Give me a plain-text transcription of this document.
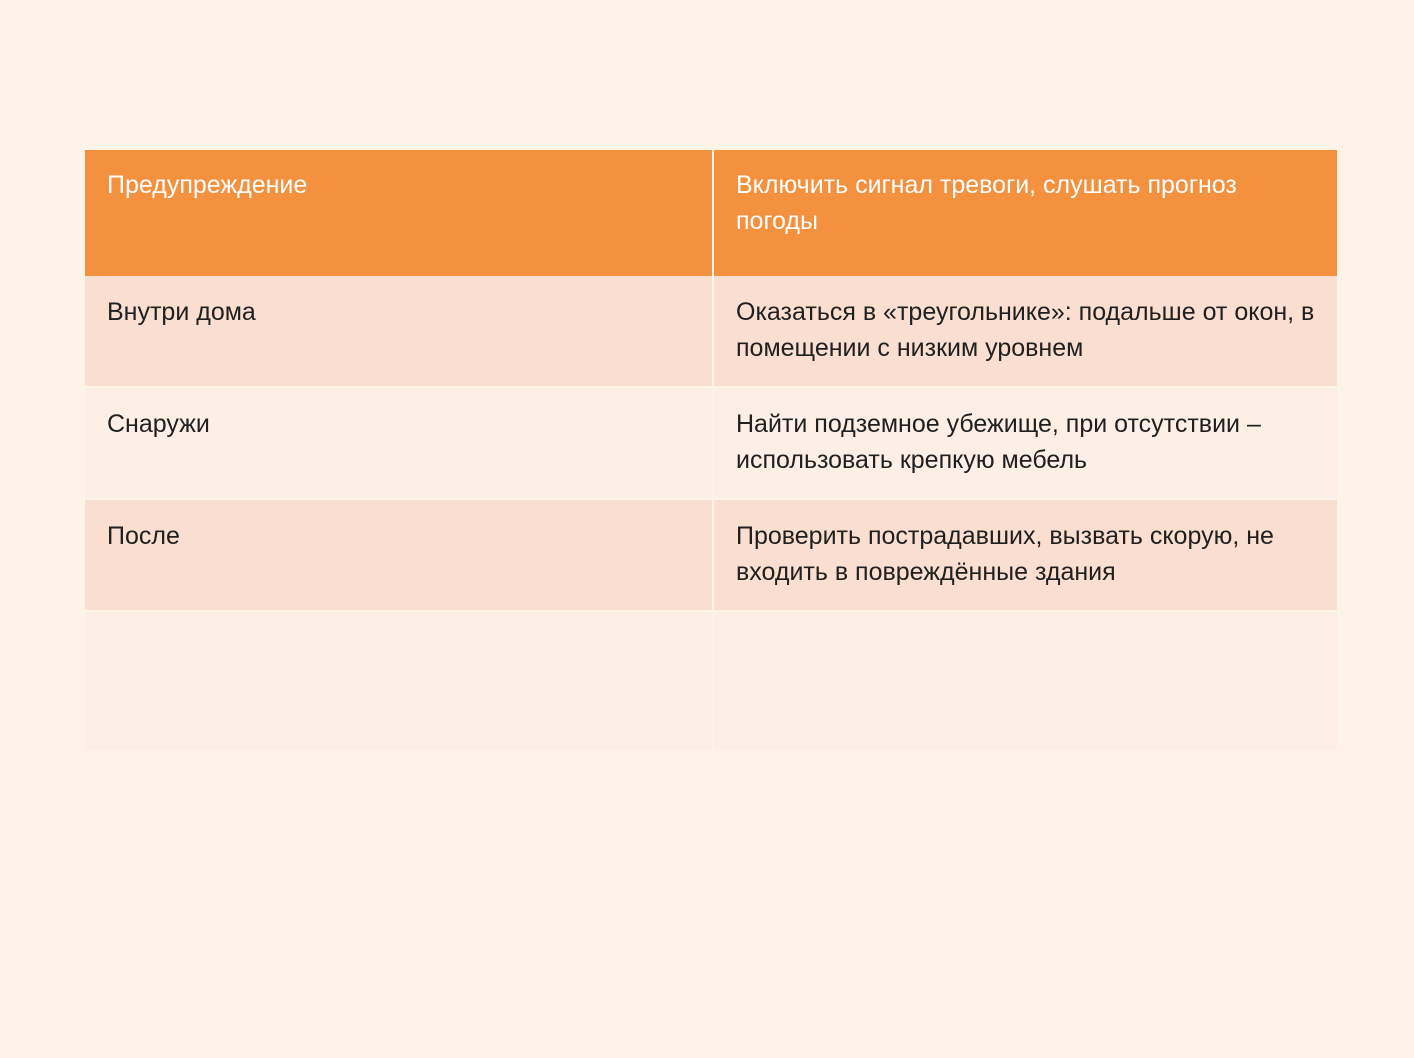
Предупреждение	Включить сигнал тревоги, слушать прогноз погоды

Внутри дома	Оказаться в «треугольнике»: подальше от окон, в помещении с низким уровнем

Снаружи	Найти подземное убежище, при отсутствии – использовать крепкую мебель

После	Проверить пострадавших, вызвать скорую, не входить в повреждённые здания
